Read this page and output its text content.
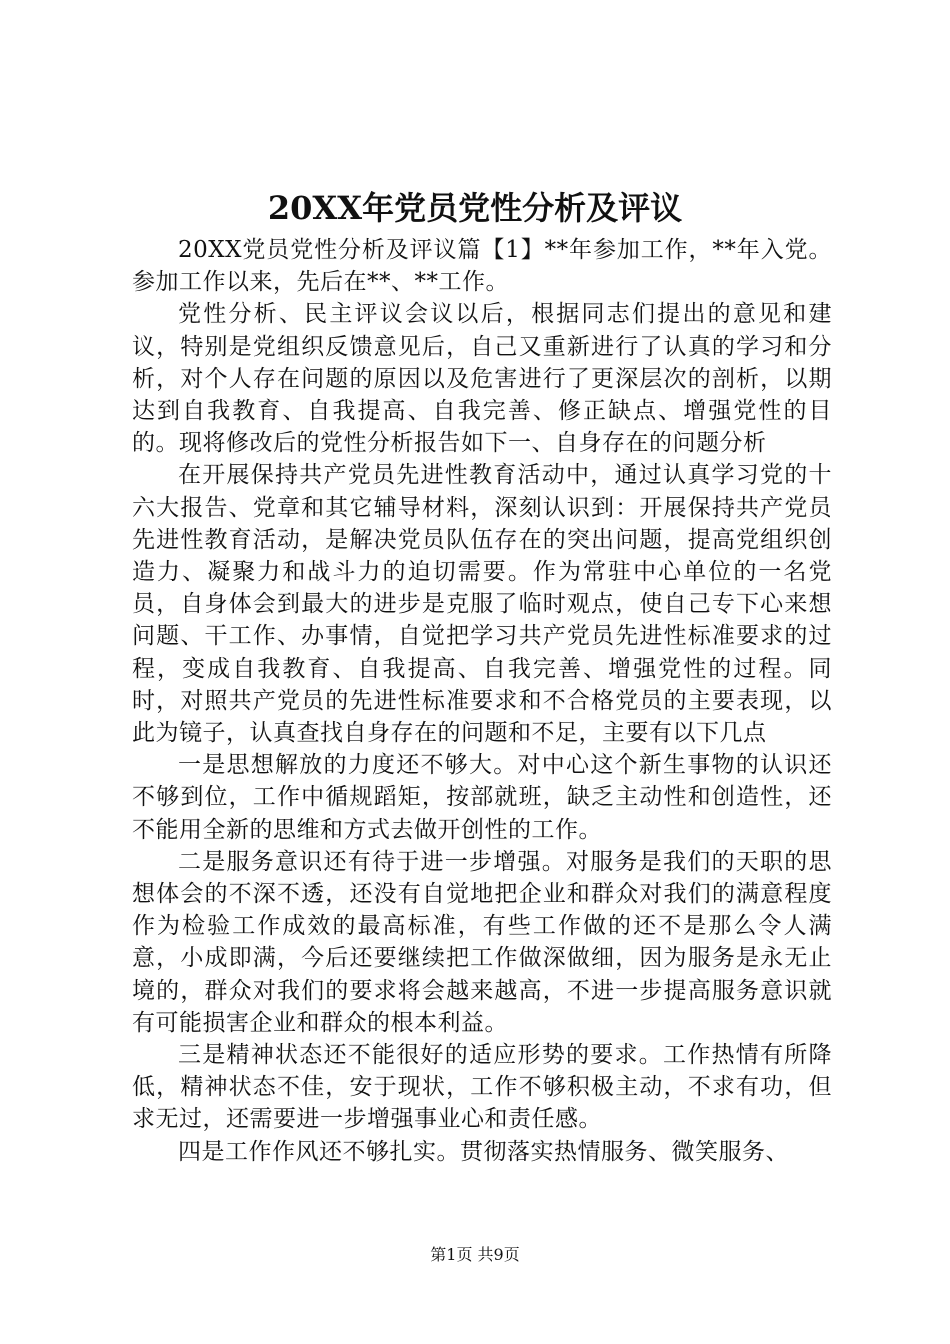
20XX年党员党性分析及评议

20XX党员党性分析及评议篇【1】**年参加工作，**年入党。参加工作以来，先后在**、**工作。

党性分析、民主评议会议以后，根据同志们提出的意见和建议，特别是党组织反馈意见后，自己又重新进行了认真的学习和分析，对个人存在问题的原因以及危害进行了更深层次的剖析，以期达到自我教育、自我提高、自我完善、修正缺点、增强党性的目的。现将修改后的党性分析报告如下一、自身存在的问题分析

在开展保持共产党员先进性教育活动中，通过认真学习党的十六大报告、党章和其它辅导材料，深刻认识到：开展保持共产党员先进性教育活动，是解决党员队伍存在的突出问题，提高党组织创造力、凝聚力和战斗力的迫切需要。作为常驻中心单位的一名党员，自身体会到最大的进步是克服了临时观点，使自己专下心来想问题、干工作、办事情，自觉把学习共产党员先进性标准要求的过程，变成自我教育、自我提高、自我完善、增强党性的过程。同时，对照共产党员的先进性标准要求和不合格党员的主要表现，以此为镜子，认真查找自身存在的问题和不足，主要有以下几点

一是思想解放的力度还不够大。对中心这个新生事物的认识还不够到位，工作中循规蹈矩，按部就班，缺乏主动性和创造性，还不能用全新的思维和方式去做开创性的工作。

二是服务意识还有待于进一步增强。对服务是我们的天职的思想体会的不深不透，还没有自觉地把企业和群众对我们的满意程度作为检验工作成效的最高标准，有些工作做的还不是那么令人满意，小成即满，今后还要继续把工作做深做细，因为服务是永无止境的，群众对我们的要求将会越来越高，不进一步提高服务意识就有可能损害企业和群众的根本利益。

三是精神状态还不能很好的适应形势的要求。工作热情有所降低，精神状态不佳，安于现状，工作不够积极主动，不求有功，但求无过，还需要进一步增强事业心和责任感。

四是工作作风还不够扎实。贯彻落实热情服务、微笑服务、

第1页 共9页
